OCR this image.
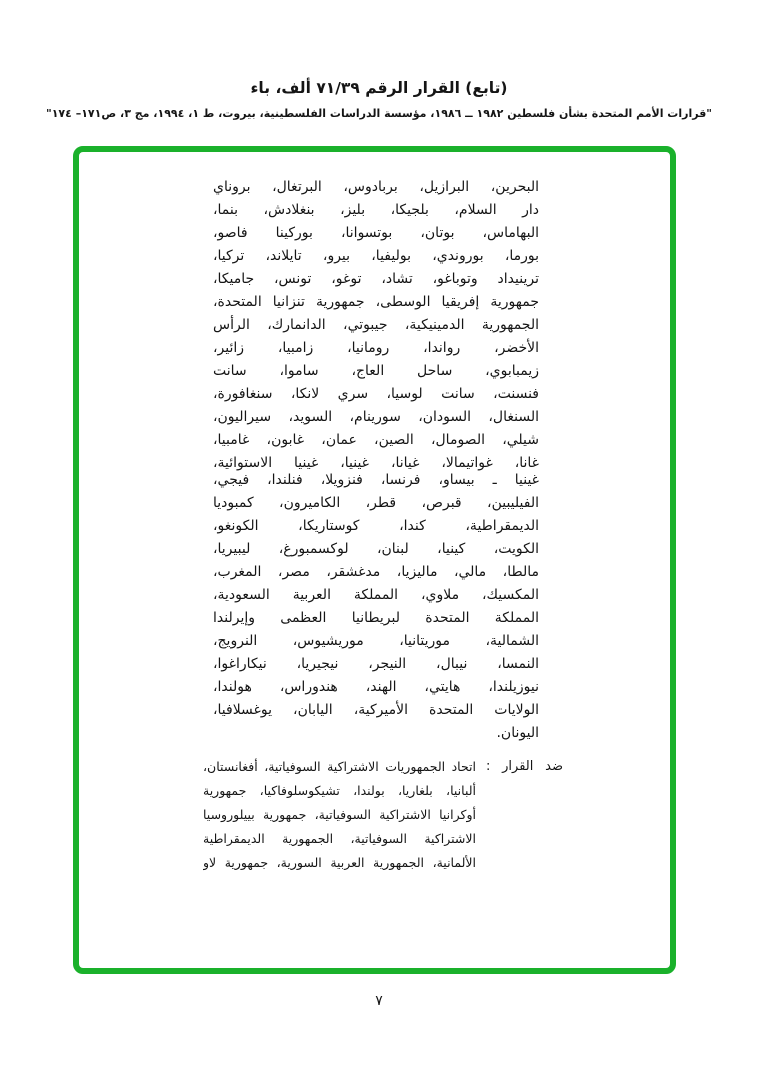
(تابع) القرار الرقم ٧١/٣٩ ألف، باء
"قرارات الأمم المتحدة بشأن فلسطين ١٩٨٢ ــ ١٩٨٦، مؤسسة الدراسات الفلسطينية، بيروت، ط ١، ١٩٩٤، مج ٣، ص١٧١– ١٧٤"
البحرين، البرازيل، بربادوس، البرتغال، بروناي
دار السلام، بلجيكا، بليز، بنغلادش، بنما،
البهاماس، بوتان، بوتسوانا، بوركينا فاصو،
بورما، بوروندي، بوليفيا، بيرو، تايلاند، تركيا،
ترينيداد وتوباغو، تشاد، توغو، تونس، جاميكا،
جمهورية إفريقيا الوسطى، جمهورية تنزانيا المتحدة،
الجمهورية الدمينيكية، جيبوتي، الدانمارك، الرأس
الأخضر، رواندا، رومانيا، زامبيا، زائير،
زيمبابوي، ساحل العاج، ساموا، سانت
فنسنت، سانت لوسيا، سري لانكا، سنغافورة،
السنغال، السودان، سورينام، السويد، سيراليون،
شيلي، الصومال، الصين، عمان، غابون، غامبيا،
غانا، غواتيمالا، غيانا، غينيا، غينيا الاستوائية،
غينيا ـ بيساو، فرنسا، فنزويلا، فنلندا، فيجي،
الفيليبين، قبرص، قطر، الكاميرون، كمبوديا
الديمقراطية، كندا، كوستاريكا، الكونغو،
الكويت، كينيا، لبنان، لوكسمبورغ، ليبيريا،
مالطا، مالي، ماليزيا، مدغشقر، مصر، المغرب،
المكسيك، ملاوي، المملكة العربية السعودية،
المملكة المتحدة لبريطانيا العظمى وإيرلندا
الشمالية، موريتانيا، موريشيوس، النرويج،
النمسا، نيبال، النيجر، نيجيريا، نيكاراغوا،
نيوزيلندا، هايتي، الهند، هندوراس، هولندا،
الولايات المتحدة الأميركية، اليابان، يوغسلافيا،
اليونان.
ضد القرار :
اتحاد الجمهوريات الاشتراكية السوفياتية، أفغانستان،
ألبانيا، بلغاريا، بولندا، تشيكوسلوفاكيا، جمهورية
أوكرانيا الاشتراكية السوفياتية، جمهورية بييلوروسيا
الاشتراكية السوفياتية، الجمهورية الديمقراطية
الألمانية، الجمهورية العربية السورية، جمهورية لاو
٧
